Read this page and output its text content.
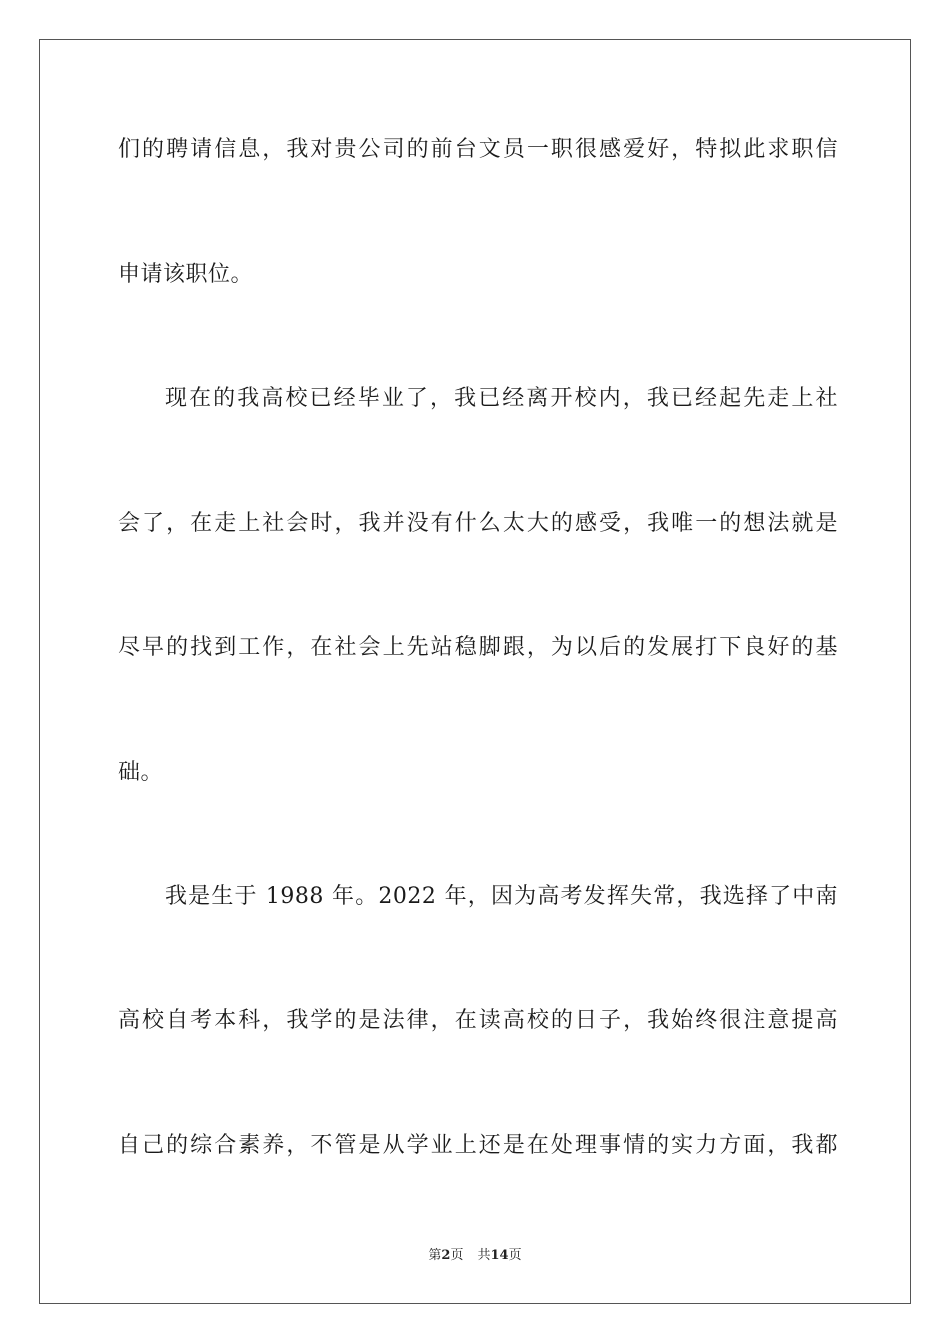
们的聘请信息，我对贵公司的前台文员一职很感爱好，特拟此求职信
申请该职位。
现在的我高校已经毕业了，我已经离开校内，我已经起先走上社
会了，在走上社会时，我并没有什么太大的感受，我唯一的想法就是
尽早的找到工作，在社会上先站稳脚跟，为以后的发展打下良好的基
础。
我是生于 1988 年。2022 年，因为高考发挥失常，我选择了中南
高校自考本科，我学的是法律，在读高校的日子，我始终很注意提高
自己的综合素养，不管是从学业上还是在处理事情的实力方面，我都
第2页 共14页
